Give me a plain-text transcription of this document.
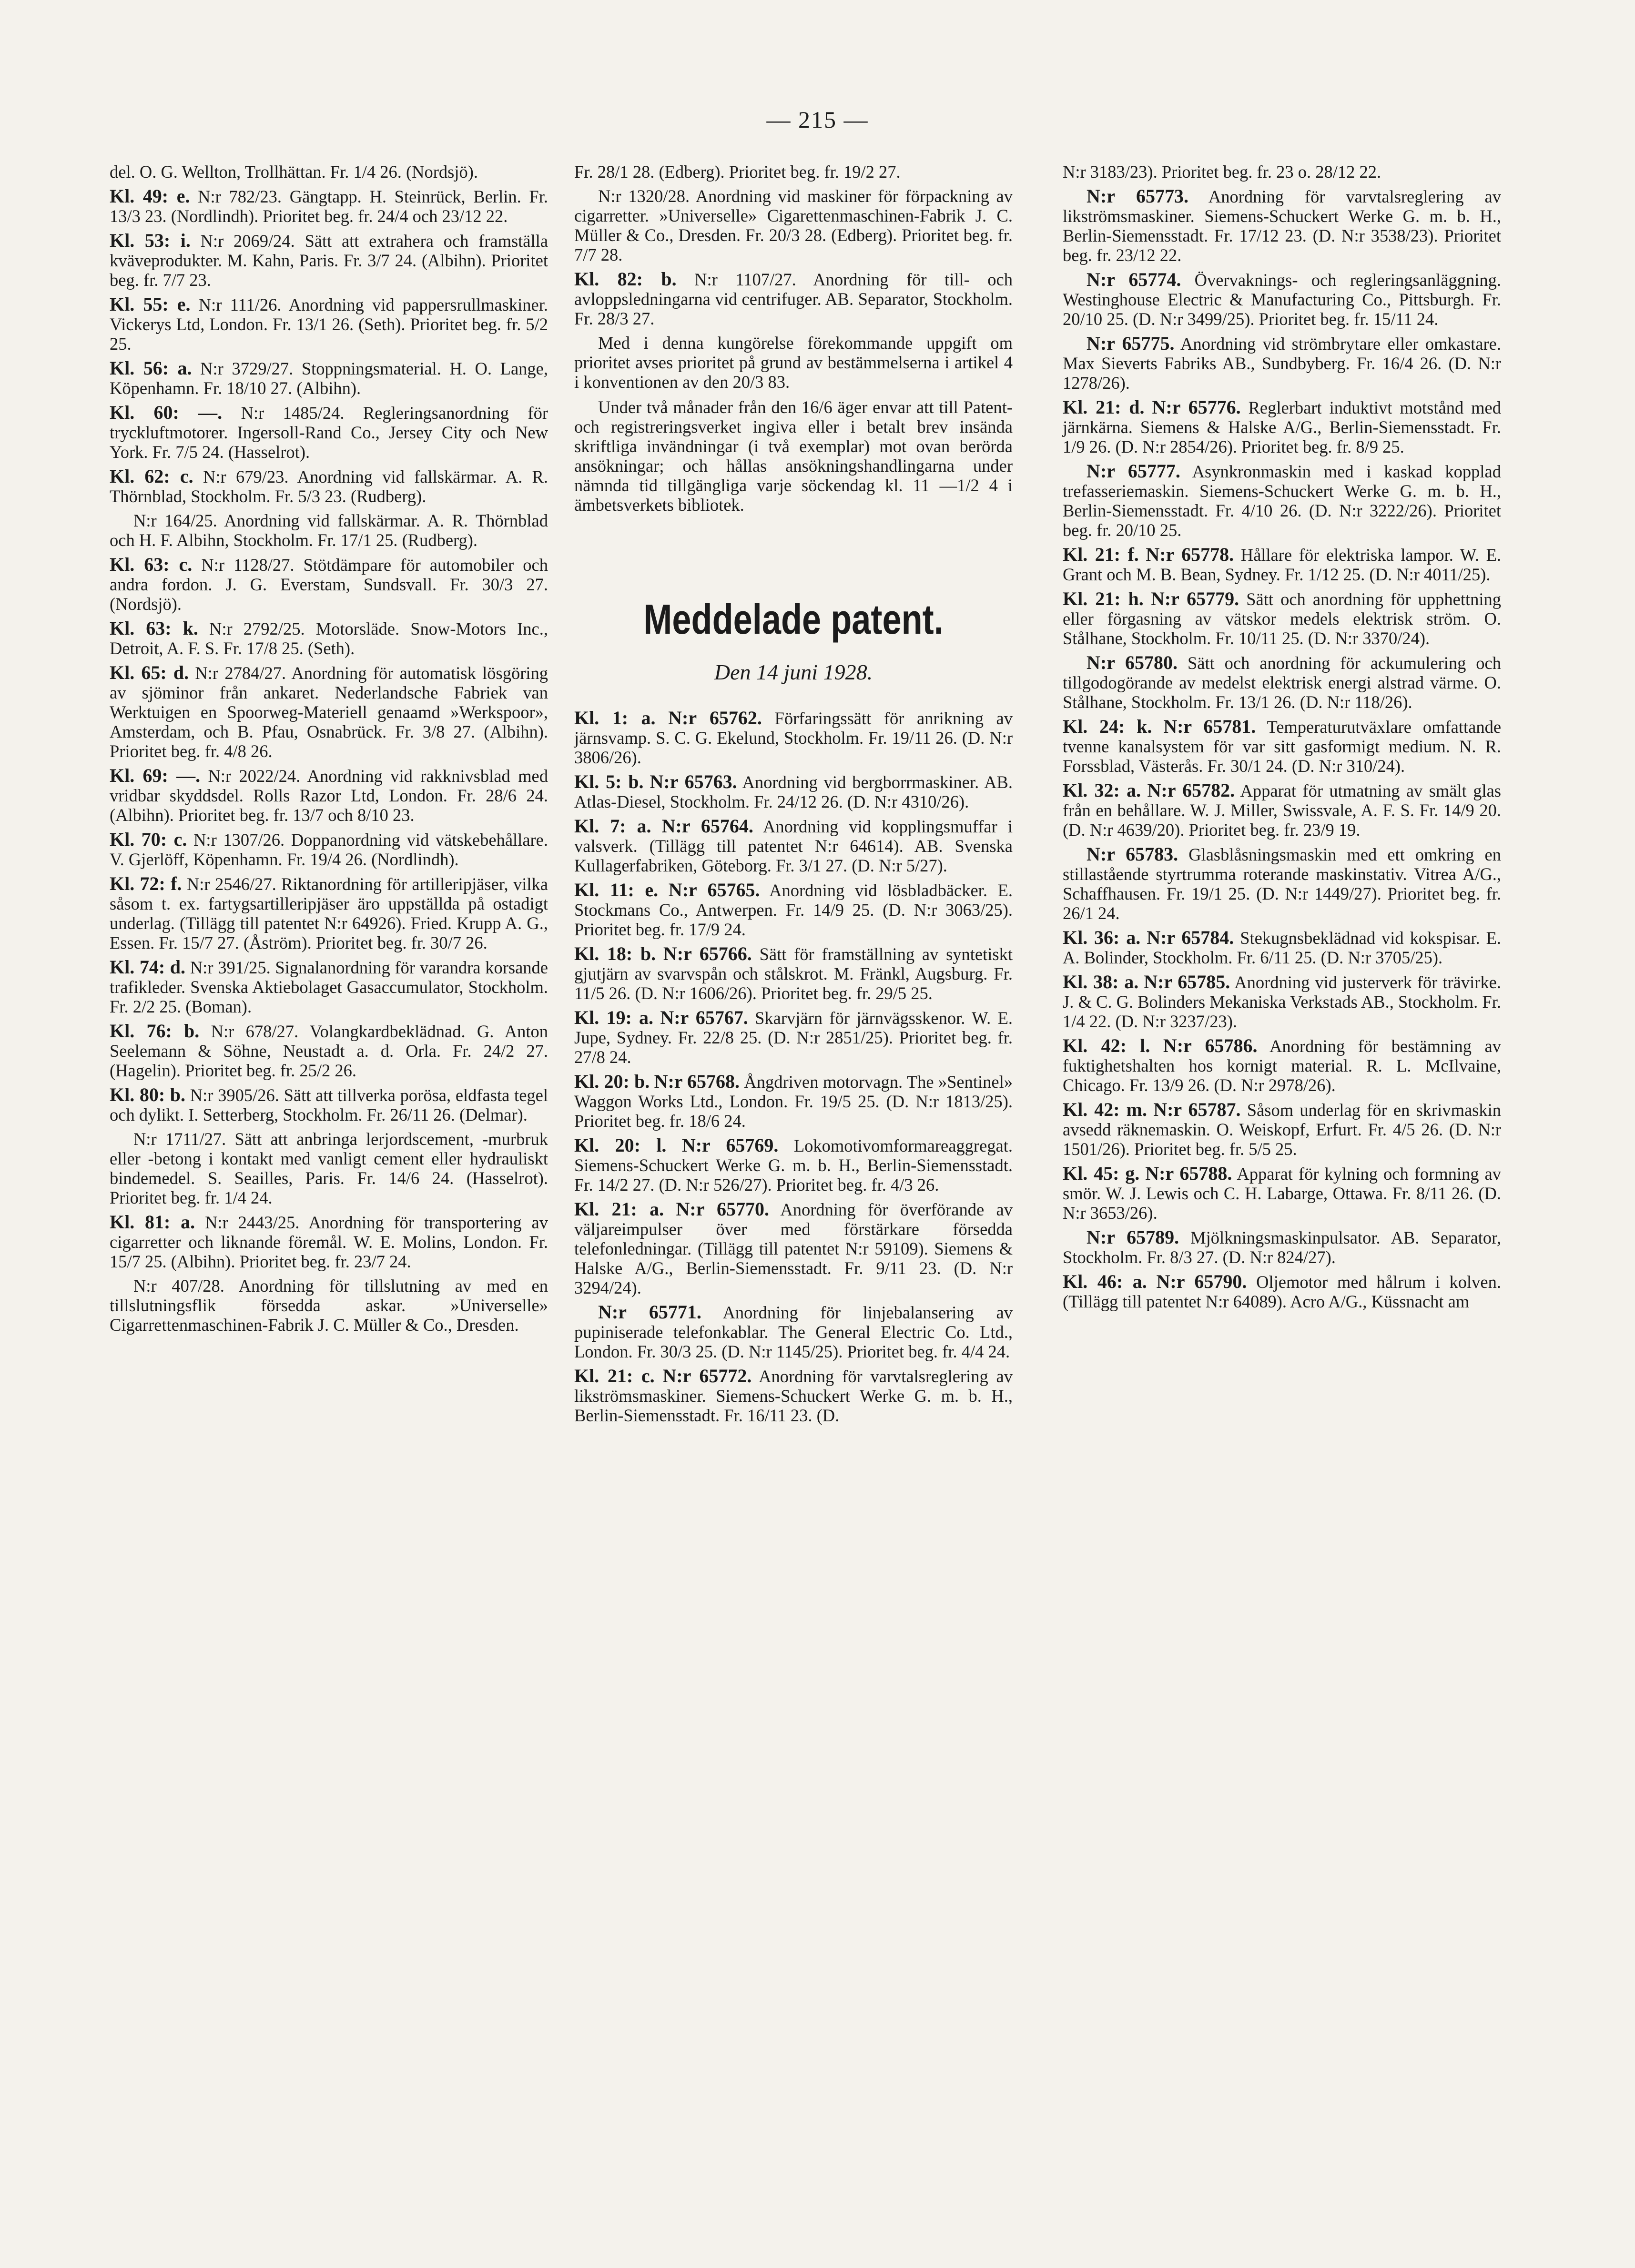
— 215 —

del. O. G. Wellton, Trollhättan. Fr. 1/4 26. (Nordsjö).

Kl. 49: e. N:r 782/23. Gängtapp. H. Steinrück, Berlin. Fr. 13/3 23. (Nordlindh). Prioritet beg. fr. 24/4 och 23/12 22.

Kl. 53: i. N:r 2069/24. Sätt att extrahera och framställa kväveprodukter. M. Kahn, Paris. Fr. 3/7 24. (Albihn). Prioritet beg. fr. 7/7 23.

Kl. 55: e. N:r 111/26. Anordning vid pappersrullmaskiner. Vickerys Ltd, London. Fr. 13/1 26. (Seth). Prioritet beg. fr. 5/2 25.

Kl. 56: a. N:r 3729/27. Stoppningsmaterial. H. O. Lange, Köpenhamn. Fr. 18/10 27. (Albihn).

Kl. 60: —. N:r 1485/24. Regleringsanordning för tryckluftmotorer. Ingersoll-Rand Co., Jersey City och New York. Fr. 7/5 24. (Hasselrot).

Kl. 62: c. N:r 679/23. Anordning vid fallskärmar. A. R. Thörnblad, Stockholm. Fr. 5/3 23. (Rudberg).

N:r 164/25. Anordning vid fallskärmar. A. R. Thörnblad och H. F. Albihn, Stockholm. Fr. 17/1 25. (Rudberg).

Kl. 63: c. N:r 1128/27. Stötdämpare för automobiler och andra fordon. J. G. Everstam, Sundsvall. Fr. 30/3 27. (Nordsjö).

Kl. 63: k. N:r 2792/25. Motorsläde. Snow-Motors Inc., Detroit, A. F. S. Fr. 17/8 25. (Seth).

Kl. 65: d. N:r 2784/27. Anordning för automatisk lösgöring av sjöminor från ankaret. Nederlandsche Fabriek van Werktuigen en Spoorweg-Materiell genaamd »Werkspoor», Amsterdam, och B. Pfau, Osnabrück. Fr. 3/8 27. (Albihn). Prioritet beg. fr. 4/8 26.

Kl. 69: —. N:r 2022/24. Anordning vid rakknivsblad med vridbar skyddsdel. Rolls Razor Ltd, London. Fr. 28/6 24. (Albihn). Prioritet beg. fr. 13/7 och 8/10 23.

Kl. 70: c. N:r 1307/26. Doppanordning vid vätskebehållare. V. Gjerlöff, Köpenhamn. Fr. 19/4 26. (Nordlindh).

Kl. 72: f. N:r 2546/27. Riktanordning för artilleripjäser, vilka såsom t. ex. fartygsartilleripjäser äro uppställda på ostadigt underlag. (Tillägg till patentet N:r 64926). Fried. Krupp A. G., Essen. Fr. 15/7 27. (Åström). Prioritet beg. fr. 30/7 26.

Kl. 74: d. N:r 391/25. Signalanordning för varandra korsande trafikleder. Svenska Aktiebolaget Gasaccumulator, Stockholm. Fr. 2/2 25. (Boman).

Kl. 76: b. N:r 678/27. Volangkardbeklädnad. G. Anton Seelemann & Söhne, Neustadt a. d. Orla. Fr. 24/2 27. (Hagelin). Prioritet beg. fr. 25/2 26.

Kl. 80: b. N:r 3905/26. Sätt att tillverka porösa, eldfasta tegel och dylikt. I. Setterberg, Stockholm. Fr. 26/11 26. (Delmar).

N:r 1711/27. Sätt att anbringa lerjordscement, -murbruk eller -betong i kontakt med vanligt cement eller hydrauliskt bindemedel. S. Seailles, Paris. Fr. 14/6 24. (Hasselrot). Prioritet beg. fr. 1/4 24.

Kl. 81: a. N:r 2443/25. Anordning för transportering av cigarretter och liknande föremål. W. E. Molins, London. Fr. 15/7 25. (Albihn). Prioritet beg. fr. 23/7 24.

N:r 407/28. Anordning för tillslutning av med en tillslutningsflik försedda askar. »Universelle» Cigarrettenmaschinen-Fabrik J. C. Müller & Co., Dresden.

Fr. 28/1 28. (Edberg). Prioritet beg. fr. 19/2 27.

N:r 1320/28. Anordning vid maskiner för förpackning av cigarretter. »Universelle» Cigarettenmaschinen-Fabrik J. C. Müller & Co., Dresden. Fr. 20/3 28. (Edberg). Prioritet beg. fr. 7/7 28.

Kl. 82: b. N:r 1107/27. Anordning för till- och avloppsledningarna vid centrifuger. AB. Separator, Stockholm. Fr. 28/3 27.

Med i denna kungörelse förekommande uppgift om prioritet avses prioritet på grund av bestämmelserna i artikel 4 i konventionen av den 20/3 83.

Under två månader från den 16/6 äger envar att till Patent- och registreringsverket ingiva eller i betalt brev insända skriftliga invändningar (i två exemplar) mot ovan berörda ansökningar; och hållas ansökningshandlingarna under nämnda tid tillgängliga varje söckendag kl. 11 —1/2 4 i ämbetsverkets bibliotek.

Meddelade patent.
Den 14 juni 1928.

Kl. 1: a. N:r 65762. Förfaringssätt för anrikning av järnsvamp. S. C. G. Ekelund, Stockholm. Fr. 19/11 26. (D. N:r 3806/26).

Kl. 5: b. N:r 65763. Anordning vid bergborrmaskiner. AB. Atlas-Diesel, Stockholm. Fr. 24/12 26. (D. N:r 4310/26).

Kl. 7: a. N:r 65764. Anordning vid kopplingsmuffar i valsverk. (Tillägg till patentet N:r 64614). AB. Svenska Kullagerfabriken, Göteborg. Fr. 3/1 27. (D. N:r 5/27).

Kl. 11: e. N:r 65765. Anordning vid lösbladbäcker. E. Stockmans Co., Antwerpen. Fr. 14/9 25. (D. N:r 3063/25). Prioritet beg. fr. 17/9 24.

Kl. 18: b. N:r 65766. Sätt för framställning av syntetiskt gjutjärn av svarvspån och stålskrot. M. Fränkl, Augsburg. Fr. 11/5 26. (D. N:r 1606/26). Prioritet beg. fr. 29/5 25.

Kl. 19: a. N:r 65767. Skarvjärn för järnvägsskenor. W. E. Jupe, Sydney. Fr. 22/8 25. (D. N:r 2851/25). Prioritet beg. fr. 27/8 24.

Kl. 20: b. N:r 65768. Ångdriven motorvagn. The »Sentinel» Waggon Works Ltd., London. Fr. 19/5 25. (D. N:r 1813/25). Prioritet beg. fr. 18/6 24.

Kl. 20: l. N:r 65769. Lokomotivomformareaggregat. Siemens-Schuckert Werke G. m. b. H., Berlin-Siemensstadt. Fr. 14/2 27. (D. N:r 526/27). Prioritet beg. fr. 4/3 26.

Kl. 21: a. N:r 65770. Anordning för överförande av väljareimpulser över med förstärkare försedda telefonledningar. (Tillägg till patentet N:r 59109). Siemens & Halske A/G., Berlin-Siemensstadt. Fr. 9/11 23. (D. N:r 3294/24).

N:r 65771. Anordning för linjebalansering av pupiniserade telefonkablar. The General Electric Co. Ltd., London. Fr. 30/3 25. (D. N:r 1145/25). Prioritet beg. fr. 4/4 24.

Kl. 21: c. N:r 65772. Anordning för varvtalsreglering av likströmsmaskiner. Siemens-Schuckert Werke G. m. b. H., Berlin-Siemensstadt. Fr. 16/11 23. (D.

N:r 3183/23). Prioritet beg. fr. 23 o. 28/12 22.

N:r 65773. Anordning för varvtalsreglering av likströmsmaskiner. Siemens-Schuckert Werke G. m. b. H., Berlin-Siemensstadt. Fr. 17/12 23. (D. N:r 3538/23). Prioritet beg. fr. 23/12 22.

N:r 65774. Övervaknings- och regleringsanläggning. Westinghouse Electric & Manufacturing Co., Pittsburgh. Fr. 20/10 25. (D. N:r 3499/25). Prioritet beg. fr. 15/11 24.

N:r 65775. Anordning vid strömbrytare eller omkastare. Max Sieverts Fabriks AB., Sundbyberg. Fr. 16/4 26. (D. N:r 1278/26).

Kl. 21: d. N:r 65776. Reglerbart induktivt motstånd med järnkärna. Siemens & Halske A/G., Berlin-Siemensstadt. Fr. 1/9 26. (D. N:r 2854/26). Prioritet beg. fr. 8/9 25.

N:r 65777. Asynkronmaskin med i kaskad kopplad trefasseriemaskin. Siemens-Schuckert Werke G. m. b. H., Berlin-Siemensstadt. Fr. 4/10 26. (D. N:r 3222/26). Prioritet beg. fr. 20/10 25.

Kl. 21: f. N:r 65778. Hållare för elektriska lampor. W. E. Grant och M. B. Bean, Sydney. Fr. 1/12 25. (D. N:r 4011/25).

Kl. 21: h. N:r 65779. Sätt och anordning för upphettning eller förgasning av vätskor medels elektrisk ström. O. Stålhane, Stockholm. Fr. 10/11 25. (D. N:r 3370/24).

N:r 65780. Sätt och anordning för ackumulering och tillgodogörande av medelst elektrisk energi alstrad värme. O. Stålhane, Stockholm. Fr. 13/1 26. (D. N:r 118/26).

Kl. 24: k. N:r 65781. Temperaturutväxlare omfattande tvenne kanalsystem för var sitt gasformigt medium. N. R. Forssblad, Västerås. Fr. 30/1 24. (D. N:r 310/24).

Kl. 32: a. N:r 65782. Apparat för utmatning av smält glas från en behållare. W. J. Miller, Swissvale, A. F. S. Fr. 14/9 20. (D. N:r 4639/20). Prioritet beg. fr. 23/9 19.

N:r 65783. Glasblåsningsmaskin med ett omkring en stillastående styrtrumma roterande maskinstativ. Vitrea A/G., Schaffhausen. Fr. 19/1 25. (D. N:r 1449/27). Prioritet beg. fr. 26/1 24.

Kl. 36: a. N:r 65784. Stekugnsbeklädnad vid kokspisar. E. A. Bolinder, Stockholm. Fr. 6/11 25. (D. N:r 3705/25).

Kl. 38: a. N:r 65785. Anordning vid justerverk för trävirke. J. & C. G. Bolinders Mekaniska Verkstads AB., Stockholm. Fr. 1/4 22. (D. N:r 3237/23).

Kl. 42: l. N:r 65786. Anordning för bestämning av fuktighetshalten hos kornigt material. R. L. McIlvaine, Chicago. Fr. 13/9 26. (D. N:r 2978/26).

Kl. 42: m. N:r 65787. Såsom underlag för en skrivmaskin avsedd räknemaskin. O. Weiskopf, Erfurt. Fr. 4/5 26. (D. N:r 1501/26). Prioritet beg. fr. 5/5 25.

Kl. 45: g. N:r 65788. Apparat för kylning och formning av smör. W. J. Lewis och C. H. Labarge, Ottawa. Fr. 8/11 26. (D. N:r 3653/26).

N:r 65789. Mjölkningsmaskinpulsator. AB. Separator, Stockholm. Fr. 8/3 27. (D. N:r 824/27).

Kl. 46: a. N:r 65790. Oljemotor med hålrum i kolven. (Tillägg till patentet N:r 64089). Acro A/G., Küssnacht am
